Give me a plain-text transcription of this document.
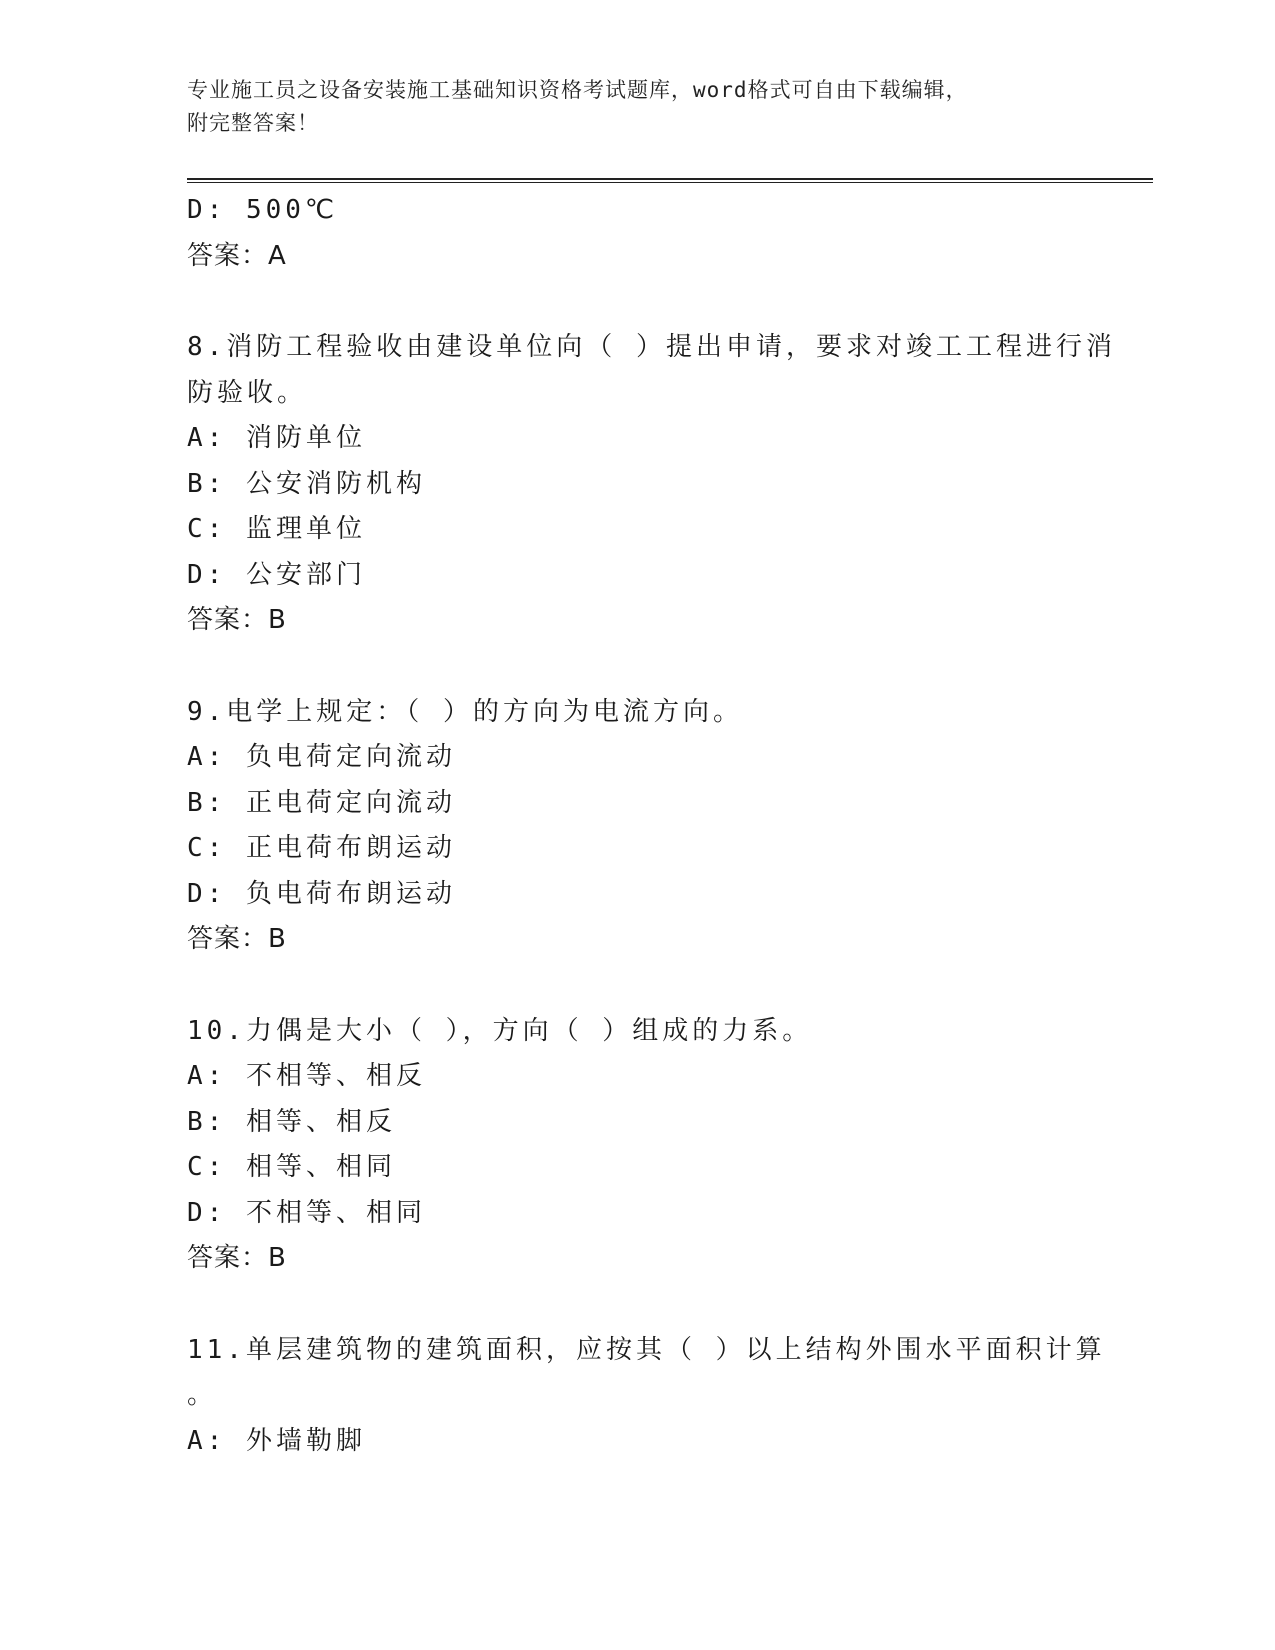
专业施工员之设备安装施工基础知识资格考试题库，word格式可自由下载编辑，
附完整答案！
D: 500℃
答案：A
8.消防工程验收由建设单位向（ ）提出申请，要求对竣工工程进行消
防验收。
A: 消防单位
B: 公安消防机构
C: 监理单位
D: 公安部门
答案：B
9.电学上规定：（ ）的方向为电流方向。
A: 负电荷定向流动
B: 正电荷定向流动
C: 正电荷布朗运动
D: 负电荷布朗运动
答案：B
10.力偶是大小（ ），方向（ ）组成的力系。
A: 不相等、相反
B: 相等、相反
C: 相等、相同
D: 不相等、相同
答案：B
11.单层建筑物的建筑面积，应按其（ ）以上结构外围水平面积计算
。
A: 外墙勒脚
